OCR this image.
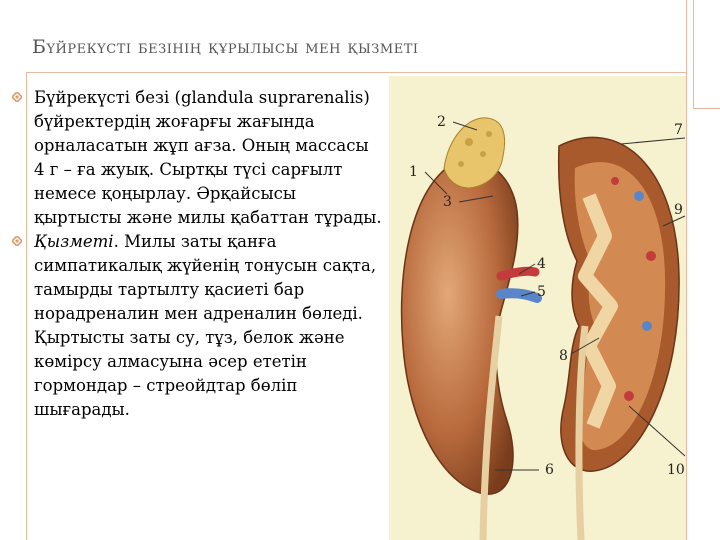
Бүйрекүсті безінің құрылысы мен қызметі
Бүйрекүсті безі (glandula suprarenalis) бүйректердің жоғарғы жағында орналасатын жұп ағза. Оның массасы 4 г – ға жуық. Сыртқы түсі сарғылт немесе қоңырлау. Әрқайсысы қыртысты және милы қабаттан тұрады.
Қызметі. Милы заты қанға симпатикалық жүйенің тонусын сақта, тамырды тартылту қасиеті бар норадреналин мен адреналин бөледі. Қыртысты заты су, тұз, белок және көмірсу алмасуына әсер ететін гормондар – стреойдтар бөліп шығарады.
1
2
3
4
5
6
7
8
9
10
